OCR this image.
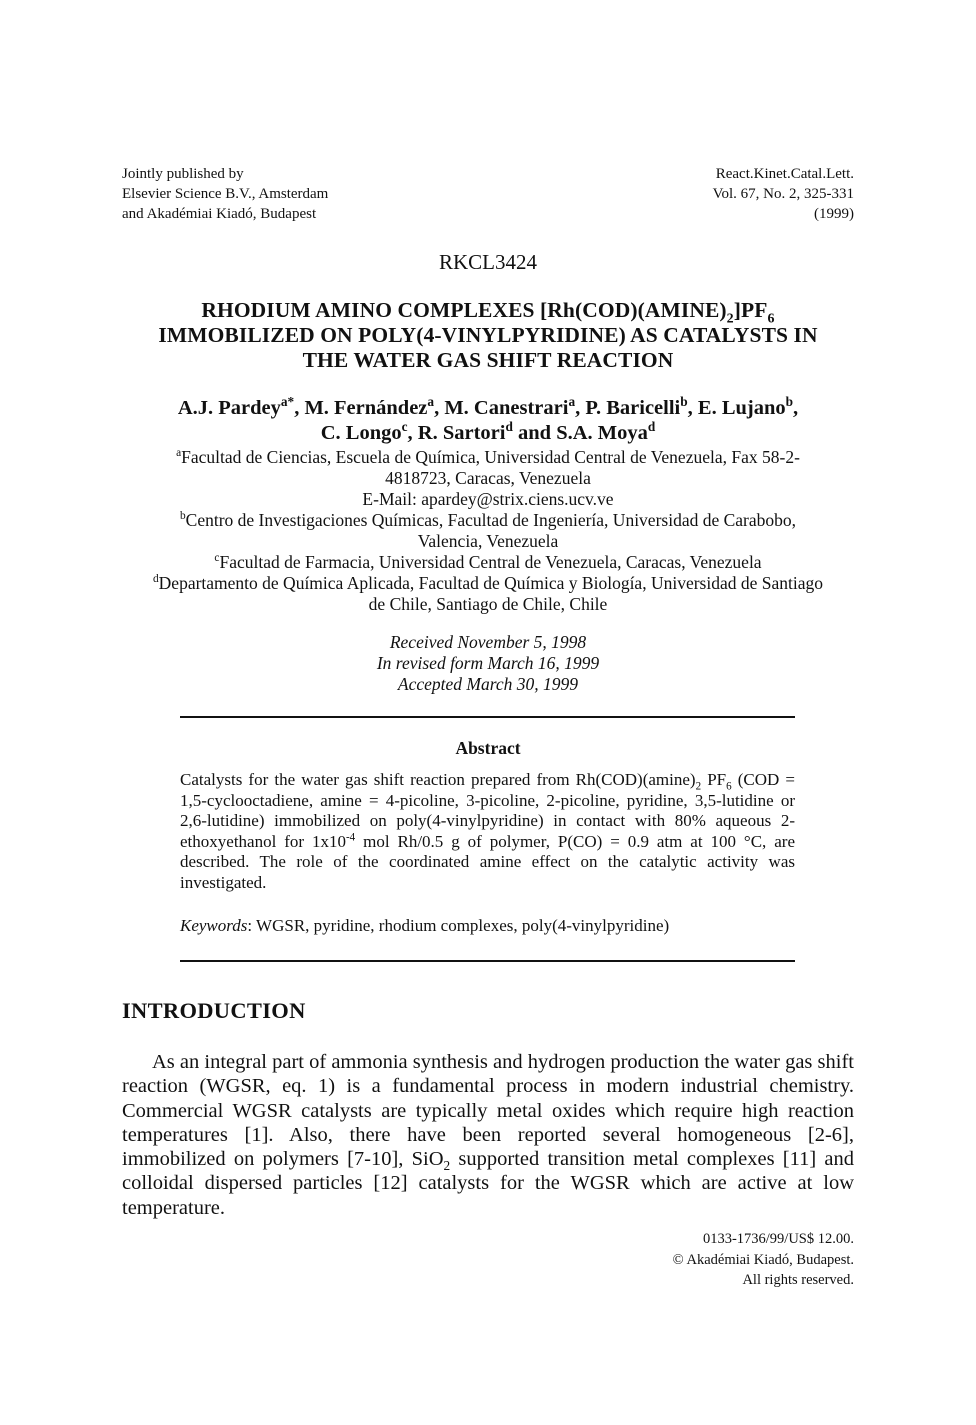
Jointly published by
Elsevier Science B.V., Amsterdam
and Akadémiai Kiadó, Budapest
React.Kinet.Catal.Lett.
Vol. 67, No. 2, 325-331
(1999)
RKCL3424
RHODIUM AMINO COMPLEXES $[Rh(COD)(AMINE)_2]PF_6$
IMMOBILIZED ON POLY(4-VINYLPYRIDINE) AS CATALYSTS IN
THE WATER GAS SHIFT REACTION
A.J. Pardey$^{a*}$, M. Fernández$^a$, M. Canestrari$^a$, P. Baricelli$^b$, E. Lujano$^b$,
C. Longo$^c$, R. Sartori$^d$ and S.A. Moya$^d$
$^a$Facultad de Ciencias, Escuela de Química, Universidad Central de Venezuela, Fax 58-2-
4818723, Caracas, Venezuela
E-Mail: apardey@strix.ciens.ucv.ve
$^b$Centro de Investigaciones Químicas, Facultad de Ingeniería, Universidad de Carabobo,
Valencia, Venezuela
$^c$Facultad de Farmacia, Universidad Central de Venezuela, Caracas, Venezuela
$^d$Departamento de Química Aplicada, Facultad de Química y Biología, Universidad de Santiago
de Chile, Santiago de Chile, Chile
Received November 5, 1998
In revised form March 16, 1999
Accepted March 30, 1999
Abstract
Catalysts for the water gas shift reaction prepared from $Rh(COD)(amine)_2$ $PF_6$ (COD = 1,5-cyclooctadiene, amine = 4-picoline, 3-picoline, 2-picoline, pyridine, 3,5-lutidine or 2,6-lutidine) immobilized on poly(4-vinylpyridine) in contact with 80% aqueous 2-ethoxyethanol for $1x10^{-4}$ mol Rh/0.5 g of polymer, P(CO) = 0.9 atm at 100 °C, are described. The role of the coordinated amine effect on the catalytic activity was investigated.
Keywords: WGSR, pyridine, rhodium complexes, poly(4-vinylpyridine)
INTRODUCTION
As an integral part of ammonia synthesis and hydrogen production the water gas shift reaction (WGSR, eq. 1) is a fundamental process in modern industrial chemistry. Commercial WGSR catalysts are typically metal oxides which require high reaction temperatures [1]. Also, there have been reported several homogeneous [2-6], immobilized on polymers [7-10], SiO$_2$ supported transition metal complexes [11] and colloidal dispersed particles [12] catalysts for the WGSR which are active at low temperature.
0133-1736/99/US$ 12.00.
© Akadémiai Kiadó, Budapest.
All rights reserved.
